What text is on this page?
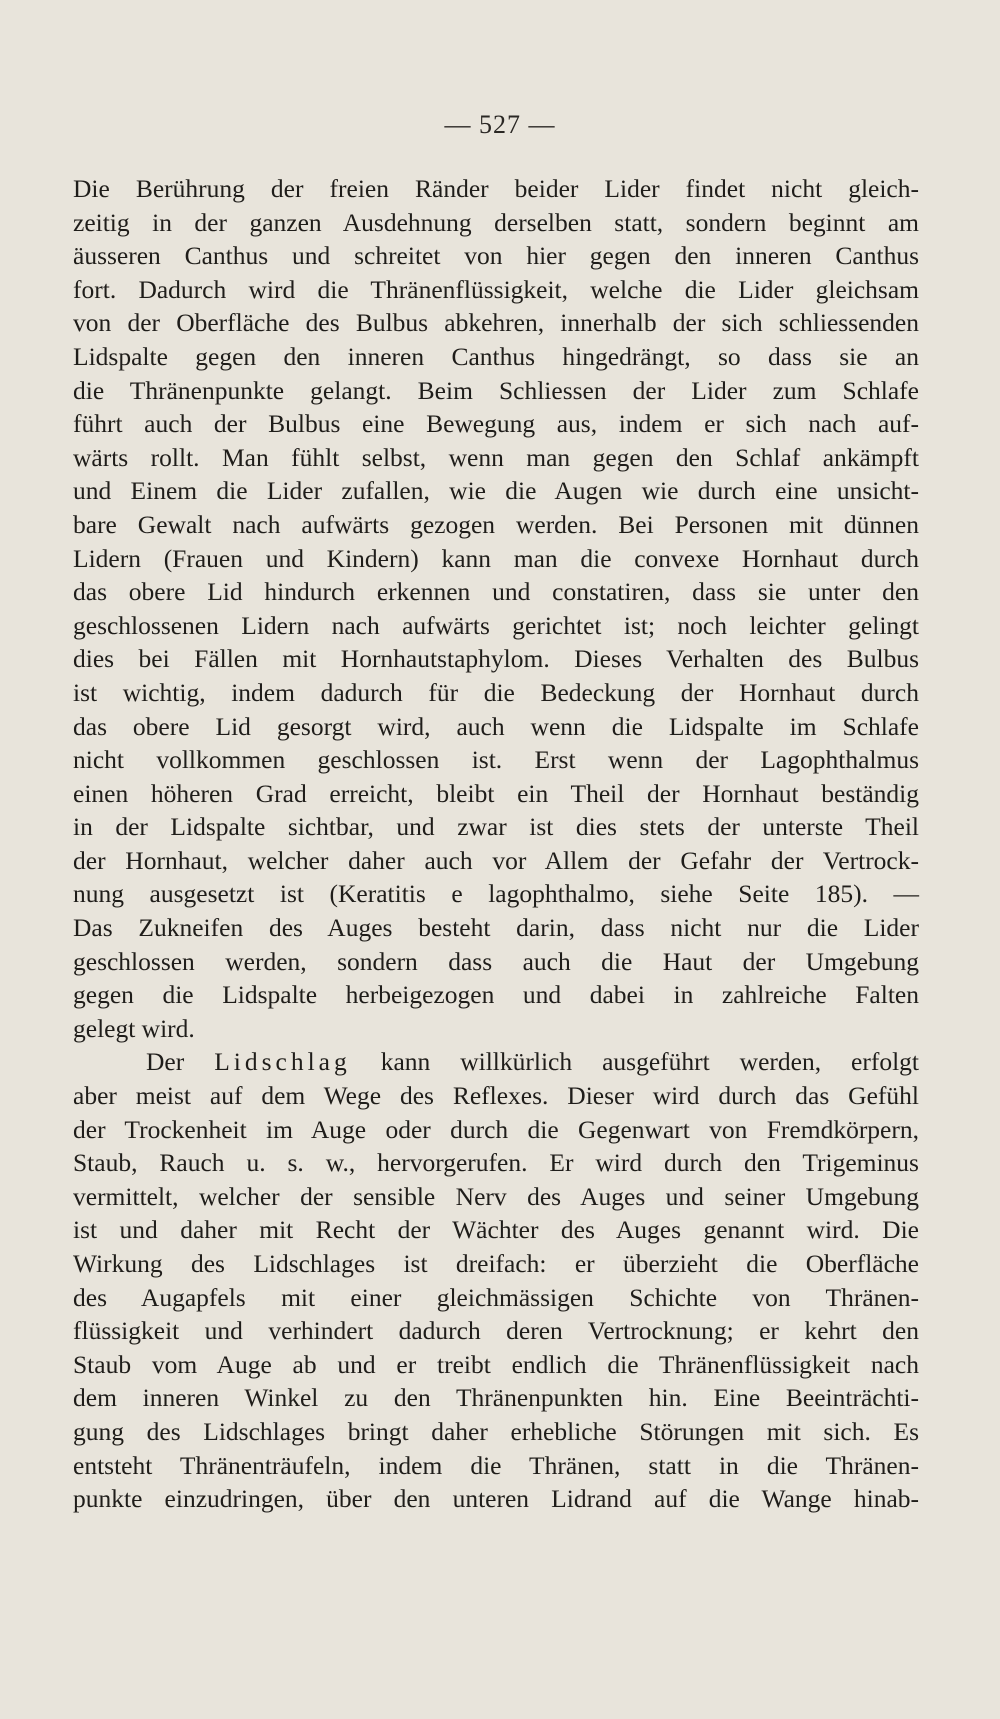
— 527 —
Die Berührung der freien Ränder beider Lider findet nicht gleich-
zeitig in der ganzen Ausdehnung derselben statt, sondern beginnt am
äusseren Canthus und schreitet von hier gegen den inneren Canthus
fort. Dadurch wird die Thränenflüssigkeit, welche die Lider gleichsam
von der Oberfläche des Bulbus abkehren, innerhalb der sich schliessenden
Lidspalte gegen den inneren Canthus hingedrängt, so dass sie an
die Thränenpunkte gelangt. Beim Schliessen der Lider zum Schlafe
führt auch der Bulbus eine Bewegung aus, indem er sich nach auf-
wärts rollt. Man fühlt selbst, wenn man gegen den Schlaf ankämpft
und Einem die Lider zufallen, wie die Augen wie durch eine unsicht-
bare Gewalt nach aufwärts gezogen werden. Bei Personen mit dünnen
Lidern (Frauen und Kindern) kann man die convexe Hornhaut durch
das obere Lid hindurch erkennen und constatiren, dass sie unter den
geschlossenen Lidern nach aufwärts gerichtet ist; noch leichter gelingt
dies bei Fällen mit Hornhautstaphylom. Dieses Verhalten des Bulbus
ist wichtig, indem dadurch für die Bedeckung der Hornhaut durch
das obere Lid gesorgt wird, auch wenn die Lidspalte im Schlafe
nicht vollkommen geschlossen ist. Erst wenn der Lagophthalmus
einen höheren Grad erreicht, bleibt ein Theil der Hornhaut beständig
in der Lidspalte sichtbar, und zwar ist dies stets der unterste Theil
der Hornhaut, welcher daher auch vor Allem der Gefahr der Vertrock-
nung ausgesetzt ist (Keratitis e lagophthalmo, siehe Seite 185). —
Das Zukneifen des Auges besteht darin, dass nicht nur die Lider
geschlossen werden, sondern dass auch die Haut der Umgebung
gegen die Lidspalte herbeigezogen und dabei in zahlreiche Falten
gelegt wird.
Der Lidschlag kann willkürlich ausgeführt werden, erfolgt
aber meist auf dem Wege des Reflexes. Dieser wird durch das Gefühl
der Trockenheit im Auge oder durch die Gegenwart von Fremdkörpern,
Staub, Rauch u. s. w., hervorgerufen. Er wird durch den Trigeminus
vermittelt, welcher der sensible Nerv des Auges und seiner Umgebung
ist und daher mit Recht der Wächter des Auges genannt wird. Die
Wirkung des Lidschlages ist dreifach: er überzieht die Oberfläche
des Augapfels mit einer gleichmässigen Schichte von Thränen-
flüssigkeit und verhindert dadurch deren Vertrocknung; er kehrt den
Staub vom Auge ab und er treibt endlich die Thränenflüssigkeit nach
dem inneren Winkel zu den Thränenpunkten hin. Eine Beeinträchti-
gung des Lidschlages bringt daher erhebliche Störungen mit sich. Es
entsteht Thränenträufeln, indem die Thränen, statt in die Thränen-
punkte einzudringen, über den unteren Lidrand auf die Wange hinab-
